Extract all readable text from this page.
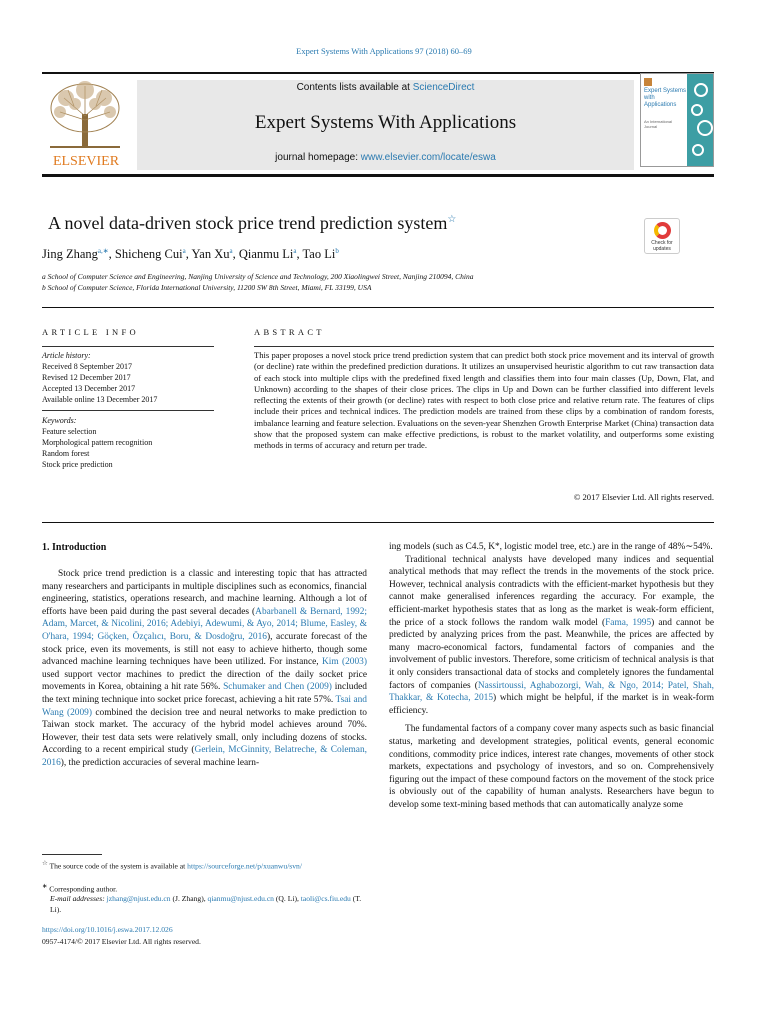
Expert Systems With Applications 97 (2018) 60–69
ELSEVIER
Contents lists available at ScienceDirect
Expert Systems With Applications
journal homepage: www.elsevier.com/locate/eswa
Expert Systems with Applications
An International Journal
A novel data-driven stock price trend prediction system☆
Check for updates
Jing Zhang$^{a,∗}$, Shicheng Cui$^a$, Yan Xu$^a$, Qianmu Li$^a$, Tao Li$^b$
a School of Computer Science and Engineering, Nanjing University of Science and Technology, 200 Xiaolingwei Street, Nanjing 210094, China
b School of Computer Science, Florida International University, 11200 SW 8th Street, Miami, FL 33199, USA
ARTICLE INFO	ABSTRACT
Article history:
Received 8 September 2017
Revised 12 December 2017
Accepted 13 December 2017
Available online 13 December 2017
Keywords:
Feature selection
Morphological pattern recognition
Random forest
Stock price prediction
This paper proposes a novel stock price trend prediction system that can predict both stock price movement and its interval of growth (or decline) rate within the predefined prediction durations. It utilizes an unsupervised heuristic algorithm to cut raw transaction data of each stock into multiple clips with the predefined fixed length and classifies them into four main classes (Up, Down, Flat, and Unknown) according to the shapes of their close prices. The clips in Up and Down can be further classified into different levels reflecting the extents of their growth (or decline) rates with respect to both close price and relative return rate. The features of clips include their prices and technical indices. The prediction models are trained from these clips by a combination of random forests, imbalance learning and feature selection. Evaluations on the seven-year Shenzhen Growth Enterprise Market (China) transaction data show that the proposed system can make effective predictions, is robust to the market volatility, and outperforms some existing methods in terms of accuracy and return per trade.
© 2017 Elsevier Ltd. All rights reserved.
1. Introduction

Stock price trend prediction is a classic and interesting topic that has attracted many researchers and participants in multiple disciplines such as economics, financial engineering, statistics, operations research, and machine learning. Although a lot of efforts have been paid during the past several decades (Abarbanell & Bernard, 1992; Adam, Marcet, & Nicolini, 2016; Adebiyi, Adewumi, & Ayo, 2014; Blume, Easley, & O'hara, 1994; Göçken, Özçalıcı, Boru, & Dosdoğru, 2016), accurate forecast of the stock price, even its movements, is still not easy to achieve hitherto, though some advanced machine learning techniques have been utilized. For instance, Kim (2003) used support vector machines to predict the direction of the daily socket price movements in Korea, obtaining a hit rate 56%. Schumaker and Chen (2009) included the text mining technique into socket price forecast, achieving a hit rate 57%. Tsai and Wang (2009) combined the decision tree and neural networks to make prediction to Taiwan stock market. The accuracy of the hybrid model achieves around 70%. However, their test data sets were relatively small, only including dozens of stocks. According to a recent empirical study (Gerlein, McGinnity, Belatreche, & Coleman, 2016), the prediction accuracies of several machine learn-

ing models (such as C4.5, K*, logistic model tree, etc.) are in the range of 48%∼54%.

Traditional technical analysts have developed many indices and sequential analytical methods that may reflect the trends in the movements of the stock price. However, technical analysis contradicts with the efficient-market hypothesis but they cannot make generalised inferences regarding the accuracy. For example, the efficient-market hypothesis states that as long as the market is weak-form efficient, the price of a stock follows the random walk model (Fama, 1995) and cannot be predicted by analyzing prices from the past. Meanwhile, the prices are affected by many macro-economical factors, fundamental factors of companies and the involvement of public investors. Therefore, some criticism of technical analysis is that it only considers transactional data of stocks and completely ignores the fundamental factors of companies (Nassirtoussi, Aghabozorgi, Wah, & Ngo, 2014; Patel, Shah, Thakkar, & Kotecha, 2015) which might be helpful, if the market is in weak-form efficiency.

The fundamental factors of a company cover many aspects such as basic financial status, marketing and development strategies, political events, general economic conditions, commodity price indices, interest rate changes, movements of other stock markets, expectations and psychology of investors, and so on. Comprehensively figuring out the impact of these compound factors on the movement of the stock price is obviously out of the capability of human analysts. Researchers have begun to develop some text-mining based methods that can automatically analyze some

☆ The source code of the system is available at https://sourceforge.net/p/xuanwu/svn/
∗ Corresponding author.
E-mail addresses: jzhang@njust.edu.cn (J. Zhang), qianmu@njust.edu.cn (Q. Li), taoli@cs.fiu.edu (T. Li).
https://doi.org/10.1016/j.eswa.2017.12.026
0957-4174/© 2017 Elsevier Ltd. All rights reserved.
